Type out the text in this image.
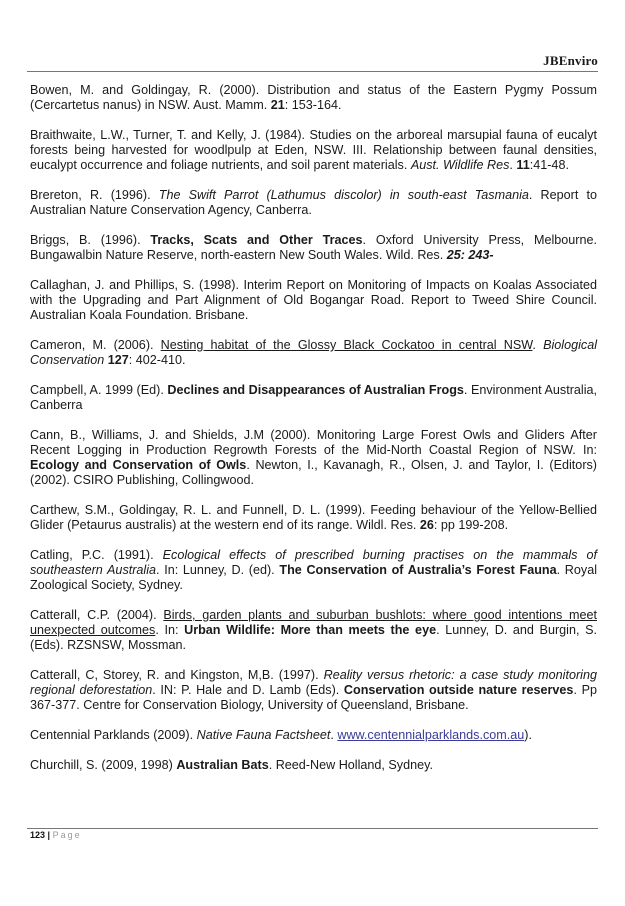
JBEnviro

Bowen, M. and Goldingay, R. (2000). Distribution and status of the Eastern Pygmy Possum (Cercartetus nanus) in NSW. Aust. Mamm. 21: 153-164.

Braithwaite, L.W., Turner, T. and Kelly, J. (1984). Studies on the arboreal marsupial fauna of eucalyt forests being harvested for woodlpulp at Eden, NSW. III. Relationship between faunal densities, eucalypt occurrence and foliage nutrients, and soil parent materials. Aust. Wildlife Res. 11:41-48.

Brereton, R. (1996). The Swift Parrot (Lathumus discolor) in south-east Tasmania. Report to Australian Nature Conservation Agency, Canberra.

Briggs, B. (1996). Tracks, Scats and Other Traces. Oxford University Press, Melbourne. Bungawalbin Nature Reserve, north-eastern New South Wales. Wild. Res. 25: 243-

Callaghan, J. and Phillips, S. (1998). Interim Report on Monitoring of Impacts on Koalas Associated with the Upgrading and Part Alignment of Old Bogangar Road. Report to Tweed Shire Council. Australian Koala Foundation. Brisbane.

Cameron, M. (2006). Nesting habitat of the Glossy Black Cockatoo in central NSW. Biological Conservation 127: 402-410.

Campbell, A. 1999 (Ed). Declines and Disappearances of Australian Frogs. Environment Australia, Canberra

Cann, B., Williams, J. and Shields, J.M (2000). Monitoring Large Forest Owls and Gliders After Recent Logging in Production Regrowth Forests of the Mid-North Coastal Region of NSW. In: Ecology and Conservation of Owls. Newton, I., Kavanagh, R., Olsen, J. and Taylor, I. (Editors) (2002). CSIRO Publishing, Collingwood.

Carthew, S.M., Goldingay, R. L. and Funnell, D. L. (1999). Feeding behaviour of the Yellow-Bellied Glider (Petaurus australis) at the western end of its range. Wildl. Res. 26: pp 199-208.

Catling, P.C. (1991). Ecological effects of prescribed burning practises on the mammals of southeastern Australia. In: Lunney, D. (ed). The Conservation of Australia’s Forest Fauna. Royal Zoological Society, Sydney.

Catterall, C.P. (2004). Birds, garden plants and suburban bushlots: where good intentions meet unexpected outcomes. In: Urban Wildlife: More than meets the eye. Lunney, D. and Burgin, S. (Eds). RZSNSW, Mossman.

Catterall, C, Storey, R. and Kingston, M,B. (1997). Reality versus rhetoric: a case study monitoring regional deforestation. IN: P. Hale and D. Lamb (Eds). Conservation outside nature reserves. Pp 367-377. Centre for Conservation Biology, University of Queensland, Brisbane.

Centennial Parklands (2009). Native Fauna Factsheet. www.centennialparklands.com.au).

Churchill, S. (2009, 1998) Australian Bats. Reed-New Holland, Sydney.

123 | Page
